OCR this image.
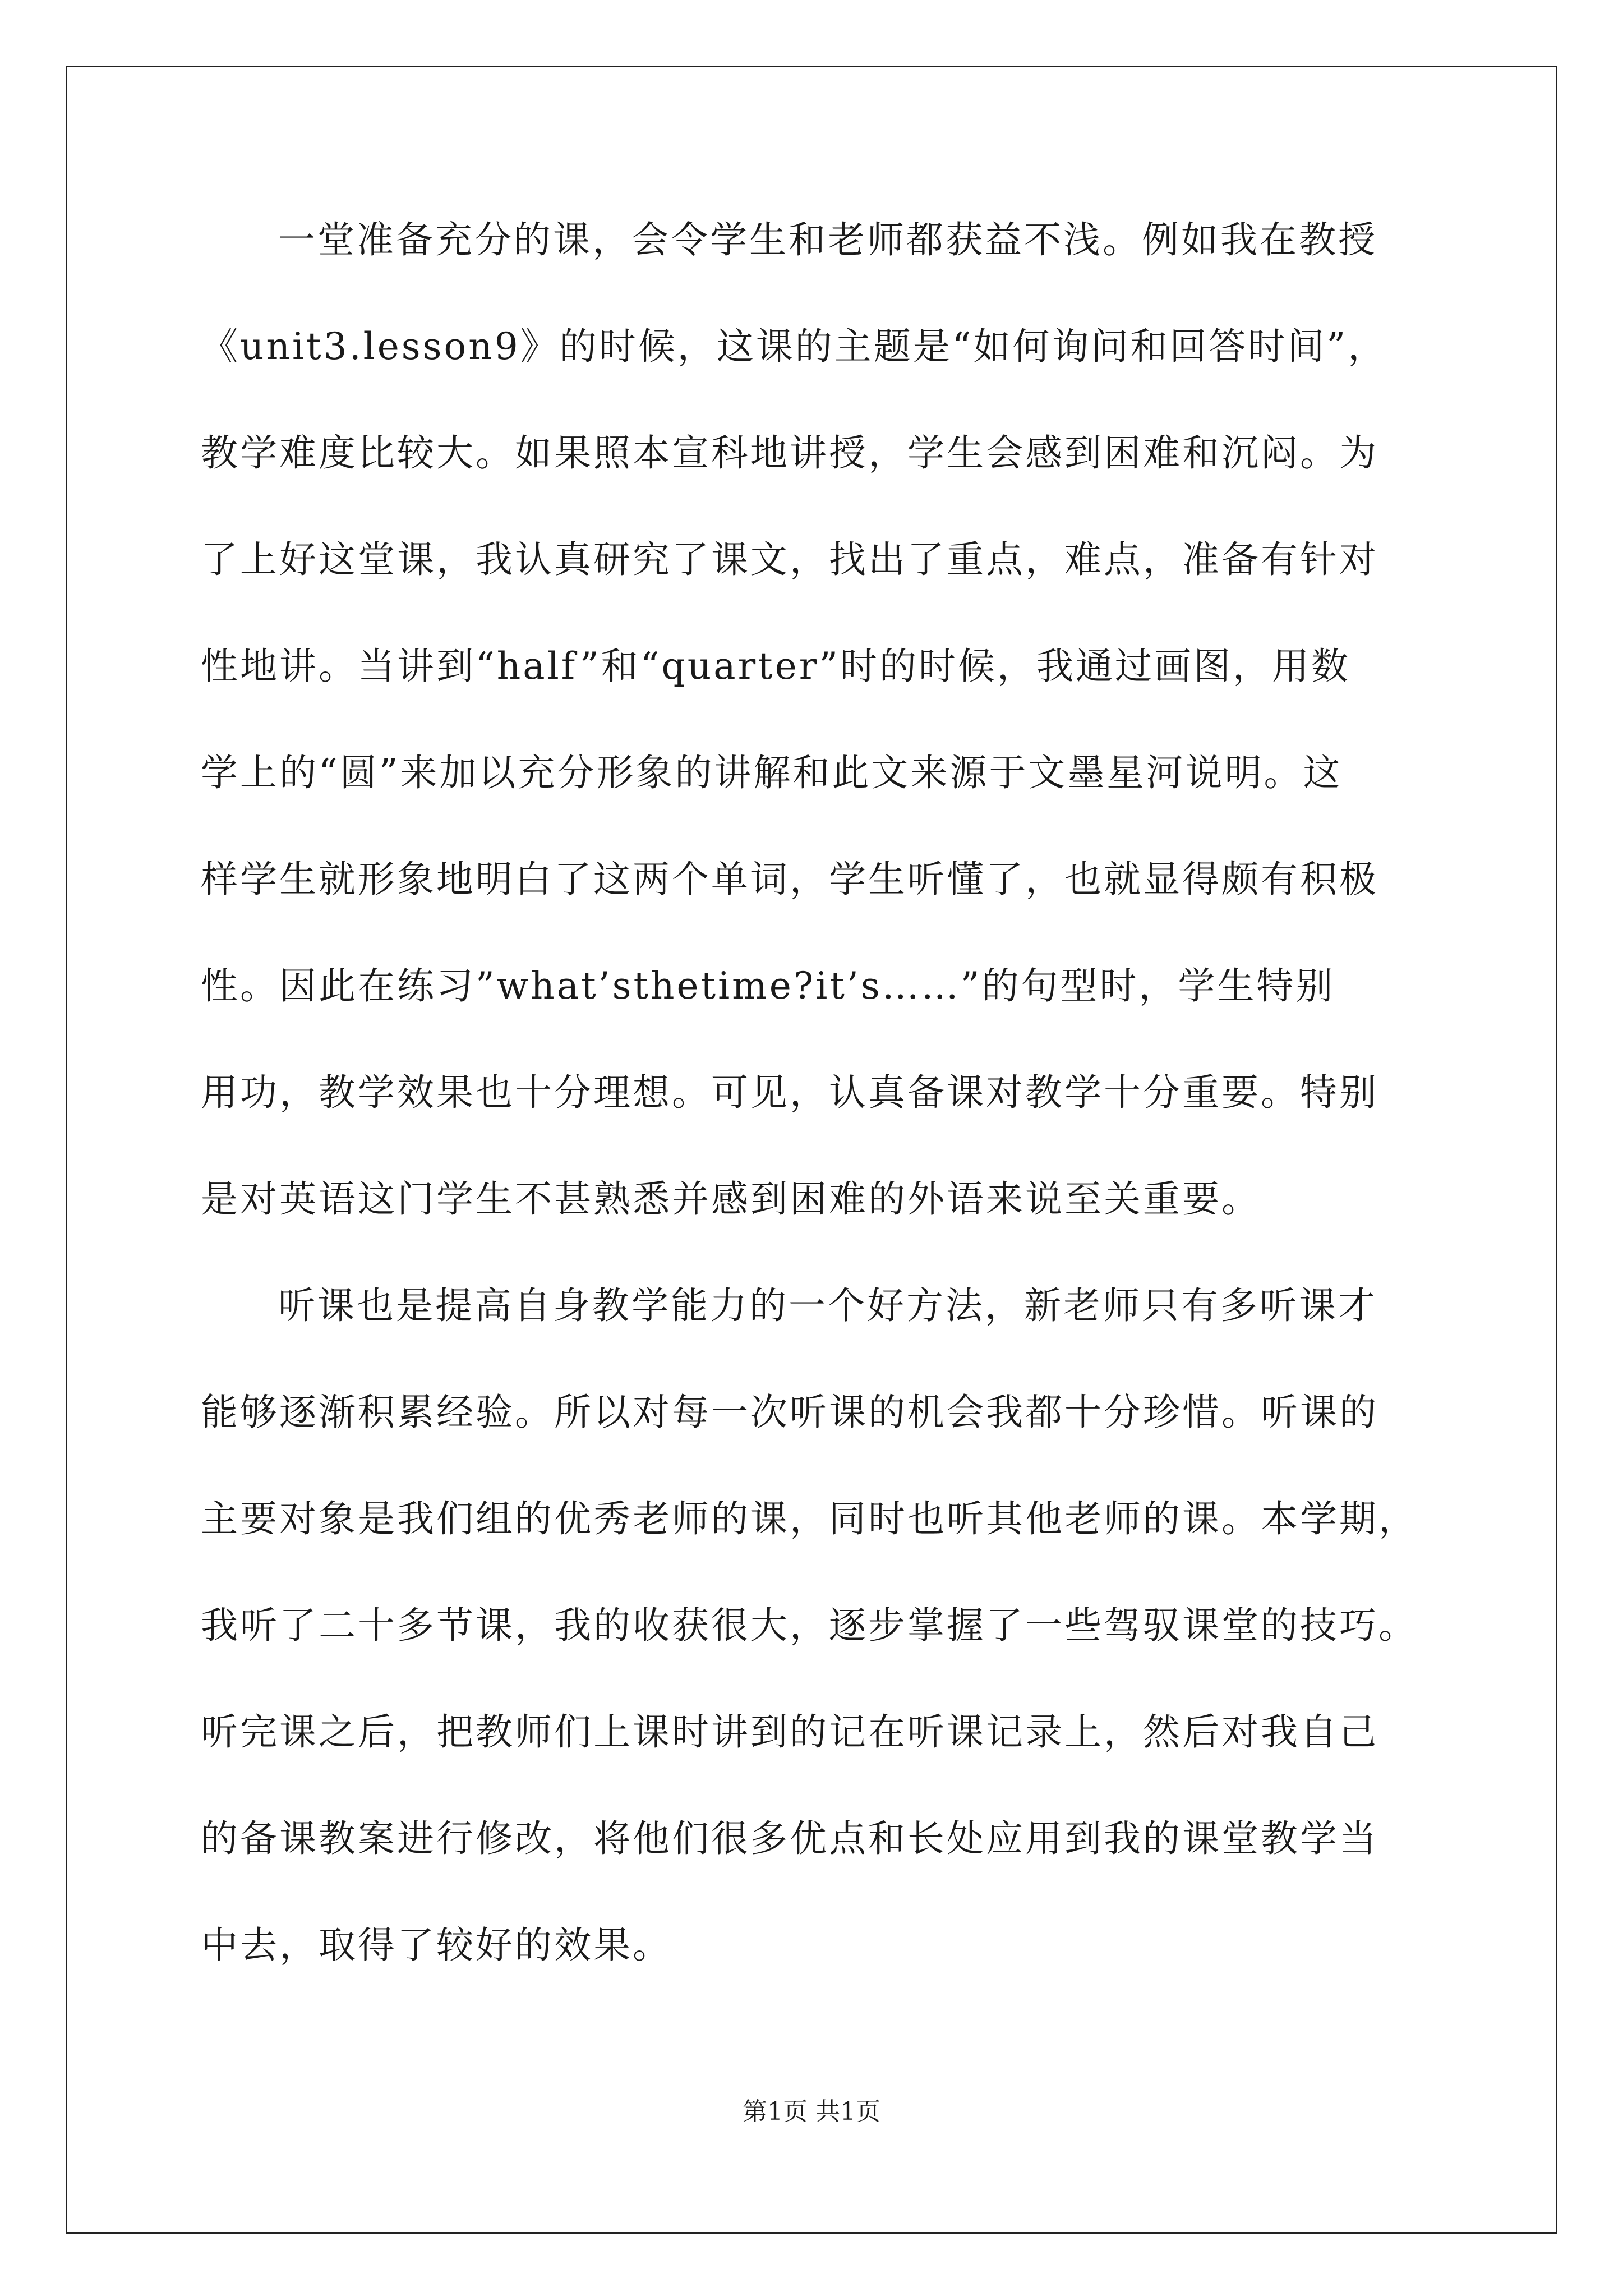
一堂准备充分的课，会令学生和老师都获益不浅。例如我在教授
《unit3.lesson9》的时候，这课的主题是“如何询问和回答时间”，
教学难度比较大。如果照本宣科地讲授，学生会感到困难和沉闷。为
了上好这堂课，我认真研究了课文，找出了重点，难点，准备有针对
性地讲。当讲到“half”和“quarter”时的时候，我通过画图，用数
学上的“圆”来加以充分形象的讲解和此文来源于文墨星河说明。这
样学生就形象地明白了这两个单词，学生听懂了，也就显得颇有积极
性。因此在练习”what’sthetime?it’s……”的句型时，学生特别
用功，教学效果也十分理想。可见，认真备课对教学十分重要。特别
是对英语这门学生不甚熟悉并感到困难的外语来说至关重要。
听课也是提高自身教学能力的一个好方法，新老师只有多听课才
能够逐渐积累经验。所以对每一次听课的机会我都十分珍惜。听课的
主要对象是我们组的优秀老师的课，同时也听其他老师的课。本学期，
我听了二十多节课，我的收获很大，逐步掌握了一些驾驭课堂的技巧。
听完课之后，把教师们上课时讲到的记在听课记录上，然后对我自己
的备课教案进行修改，将他们很多优点和长处应用到我的课堂教学当
中去，取得了较好的效果。
第1页 共1页
